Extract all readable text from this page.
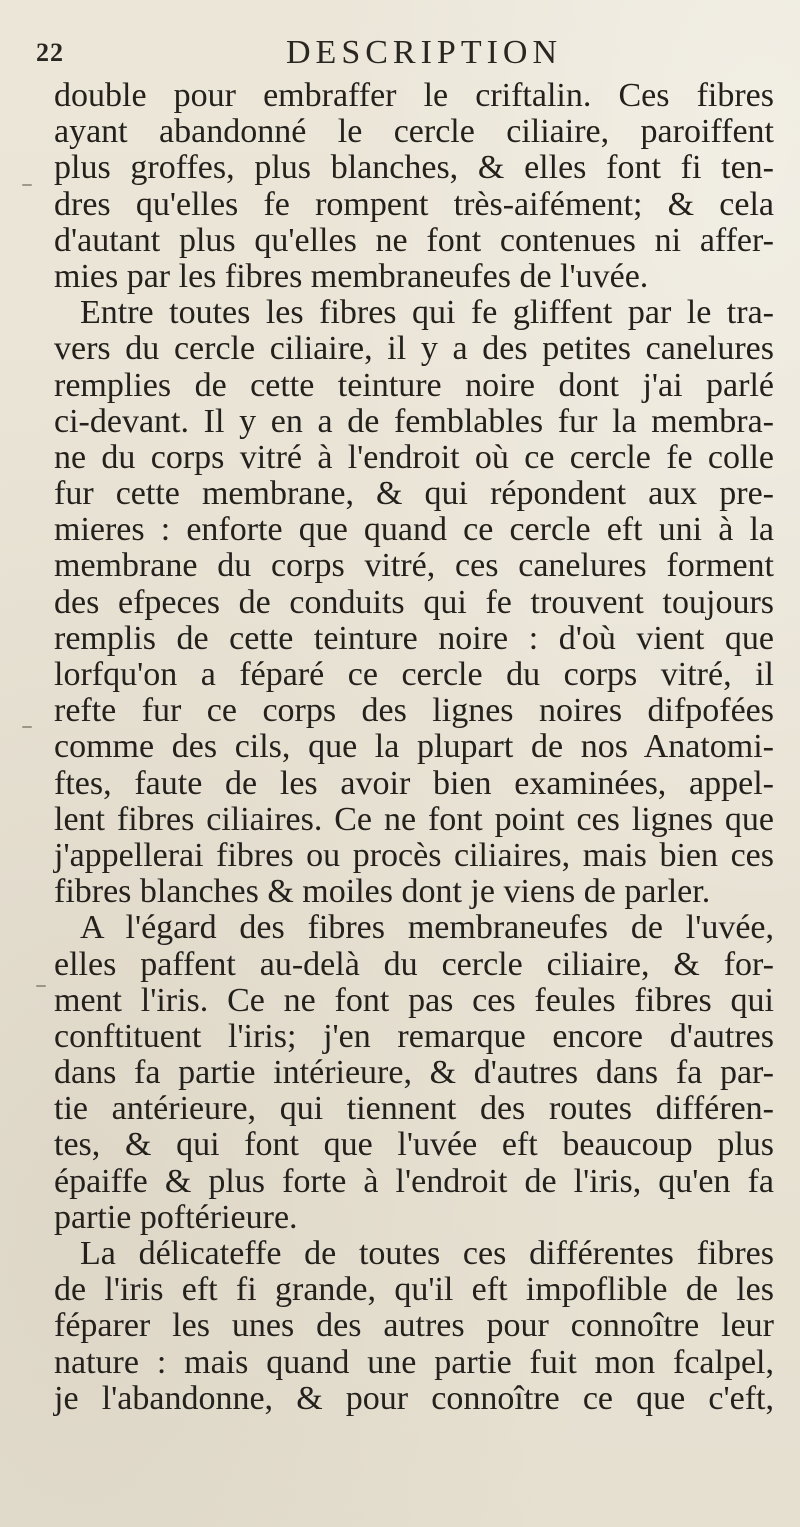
22	DESCRIPTION
double pour embraffer le criftalin. Ces fibres
ayant abandonné le cercle ciliaire, paroiffent
plus groffes, plus blanches, & elles font fi ten-
dres qu'elles fe rompent très-aifément; & cela
d'autant plus qu'elles ne font contenues ni affer-
mies par les fibres membraneufes de l'uvée.
Entre toutes les fibres qui fe gliffent par le tra-
vers du cercle ciliaire, il y a des petites canelures
remplies de cette teinture noire dont j'ai parlé
ci-devant. Il y en a de femblables fur la membra-
ne du corps vitré à l'endroit où ce cercle fe colle
fur cette membrane, & qui répondent aux pre-
mieres : enforte que quand ce cercle eft uni à la
membrane du corps vitré, ces canelures forment
des efpeces de conduits qui fe trouvent toujours
remplis de cette teinture noire : d'où vient que
lorfqu'on a féparé ce cercle du corps vitré, il
refte fur ce corps des lignes noires difpofées
comme des cils, que la plupart de nos Anatomi-
ftes, faute de les avoir bien examinées, appel-
lent fibres ciliaires. Ce ne font point ces lignes que
j'appellerai fibres ou procès ciliaires, mais bien ces
fibres blanches & moiles dont je viens de parler.
A l'égard des fibres membraneufes de l'uvée,
elles paffent au-delà du cercle ciliaire, & for-
ment l'iris. Ce ne font pas ces feules fibres qui
conftituent l'iris; j'en remarque encore d'autres
dans fa partie intérieure, & d'autres dans fa par-
tie antérieure, qui tiennent des routes différen-
tes, & qui font que l'uvée eft beaucoup plus
épaiffe & plus forte à l'endroit de l'iris, qu'en fa
partie poftérieure.
La délicateffe de toutes ces différentes fibres
de l'iris eft fi grande, qu'il eft impoflible de les
féparer les unes des autres pour connoître leur
nature : mais quand une partie fuit mon fcalpel,
je l'abandonne, & pour connoître ce que c'eft,
